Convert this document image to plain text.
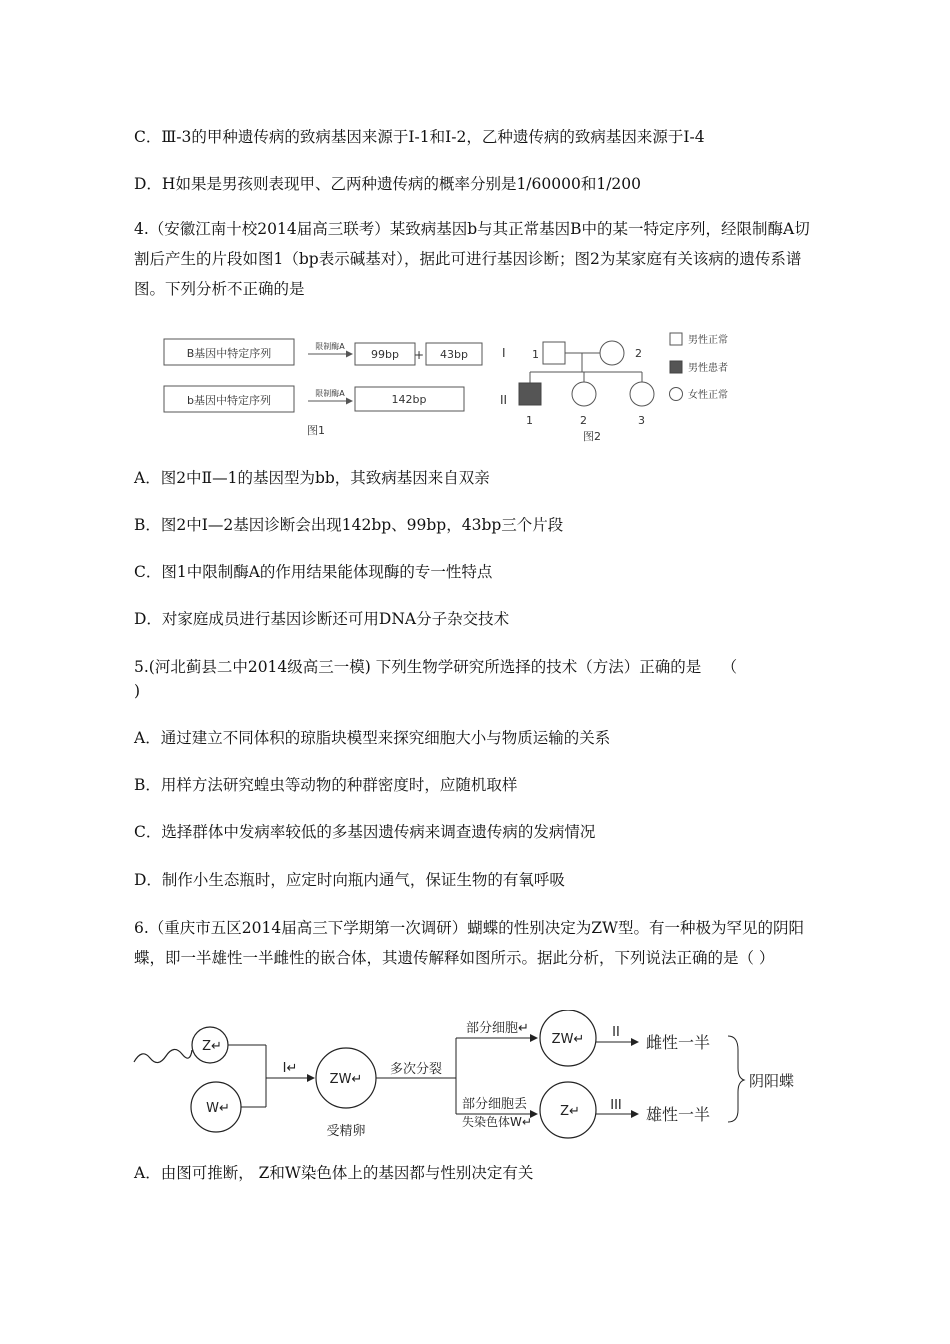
C．Ⅲ-3的甲种遗传病的致病基因来源于Ⅰ-1和Ⅰ-2，乙种遗传病的致病基因来源于Ⅰ-4
D．H如果是男孩则表现甲、乙两种遗传病的概率分别是1/60000和1/200
4.（安徽江南十校2014届高三联考）某致病基因b与其正常基因B中的某一特定序列，经限制酶A切割后产生的片段如图1（bp表示碱基对），据此可进行基因诊断；图2为某家庭有关该病的遗传系谱图。下列分析不正确的是
B基因中特定序列
限制酶A
99bp + 43bp
b基因中特定序列
限制酶A	142bp
图1
I
II
1	2
1	2	3
图2
男性正常
男性患者
女性正常
A．图2中Ⅱ—1的基因型为bb，其致病基因来自双亲
B．图2中Ⅰ—2基因诊断会出现142bp、99bp，43bp三个片段
C．图1中限制酶A的作用结果能体现酶的专一性特点
D．对家庭成员进行基因诊断还可用DNA分子杂交技术
5.(河北蓟县二中2014级高三一模) 下列生物学研究所选择的技术（方法）正确的是　 （
)
A．通过建立不同体积的琼脂块模型来探究细胞大小与物质运输的关系
B．用样方法研究蝗虫等动物的种群密度时，应随机取样
C．选择群体中发病率较低的多基因遗传病来调查遗传病的发病情况
D．制作小生态瓶时，应定时向瓶内通气，保证生物的有氧呼吸
6.（重庆市五区2014届高三下学期第一次调研）蝴蝶的性别决定为ZW型。有一种极为罕见的阴阳蝶，即一半雄性一半雌性的嵌合体，其遗传解释如图所示。据此分析，下列说法正确的是（ ）
Z↵
W↵
I↵
ZW↵
受精卵
多次分裂
部分细胞↵
部分细胞丢
失染色体W↵
ZW↵
Z↵
II
雌性一半
III 雄性一半
阴阳蝶
A．由图可推断， Z和W染色体上的基因都与性别决定有关
